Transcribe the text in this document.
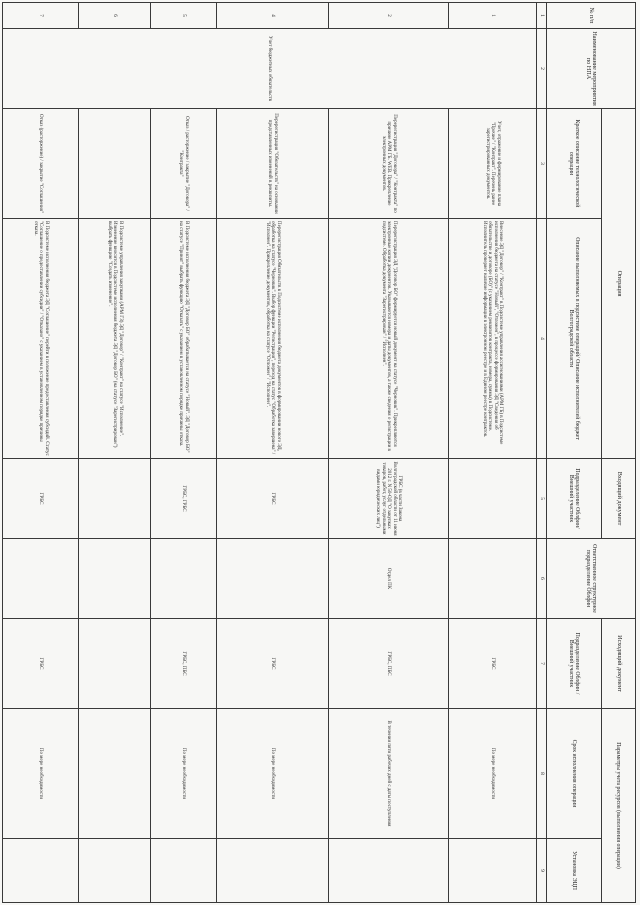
№ п/п	Наименование мероприятия по НПА	Операция		Входящий документ	Ответственное структурное подразделение Облфин	Исходящий документ	Параметры учета ресурсов (выполнения операции)	
		Краткое описание технологической операции	Описание выполняемых в подсистеме операций/ Описание исполнителей бюджет Волгоградской области	Подразделение Облфин/ Внешний участник		Подразделение Облфин / Внешний участник	Срок исполнения операции	Установка ЭЦП
1	2	3	4	5	6	7	8	9
1	Учет бюджетных обязательств	Учет, отражение и формирование плана "Прочие" / "Контракт". Перечень ранее зарегистрированных документов.	Внесение ЭД "Договор" / "Контракт" в Подсистеме управления ассигнованиями (АРМ ГБ) в Подсистеме исполнения бюджета на статусе "Новый", "Отложен", в процессе формирования ЭД "Сведения об обязательстве и договоре (БО)" (с указанием реквизитов контракта, номера, суммы) в Подсистеме. Исполнитель проверяет наличие информации в электронном реестре и в Едином реестре контрактов.			ГРБС	По мере необходимости	
2		Перерегистрация "Договора" / "Контракта" по причине АРМ ГБ. WEB. Прикрепление электронных документов.	Перерегистрация ЭД "Договор БО" формируется новый документ на статусе "Черновик". Прикрепляются электронные копии документов. Указываются номера и даты документов, а также сведения о регистрации в подсистеме. Обработка документа "Зарегистрирован" / "Исполнен".	ГРБС (в части Закона Волгоградской области от 11 июня 2012 г. N 50-ОД "О закупках товаров, работ, услуг отдельными видами юридических лиц")	Отдел ПК	ГРБС, ПБС	В течении пяти рабочих дней с даты поступления	
4		Перерегистрация "Обязательств" на основании представленных изменений в реквизиты.	Перерегистрация Обязательств в Подсистеме исполнения бюджета документов в формировании нового ЭД, обработка на статусе "Черновик". Выбор функции "Регистрация", переход на статус "Обработка завершена" / "Исполнен". Прикрепление документов, обработка на статусе "Отложен" / "Исполнен".	ГРБС		ГРБС	По мере необходимости	
5		Отказ / расторжение / закрытие "Договора" / "Контракта"	В Подсистеме исполнения бюджета ЭД "Договор БО" обрабатывается на статусе "Новый". ЭД "Договор БО" на статусе "Принят" выбрать функцию "Отказать" с указанием в установленном порядке причины отказа.	ГРБС, ГРБС		ГРБС, ПБС	По мере необходимости	
6			В Подсистеме управления закупками (АРМ ГЗ) ЭД "Договор" / "Контракт" на статусе "Исполнение". Изменение вносится в Подсистеме исполнения бюджета ЭД "Договор БО" (на статусе "Зарегистрирован") выбрать функцию "Создать изменение".					
7		Отказ (расторжение) / закрытие "Соглашения"	В Подсистеме исполнения бюджета ЭД "Соглашение" перейти в положение предоставления субсидий. Статус "Соглашение о предоставлении субсидии" / "Отказано" с указанием в установленном порядке причины отказа.	ГРБС		ГРБС	По мере необходимости	
